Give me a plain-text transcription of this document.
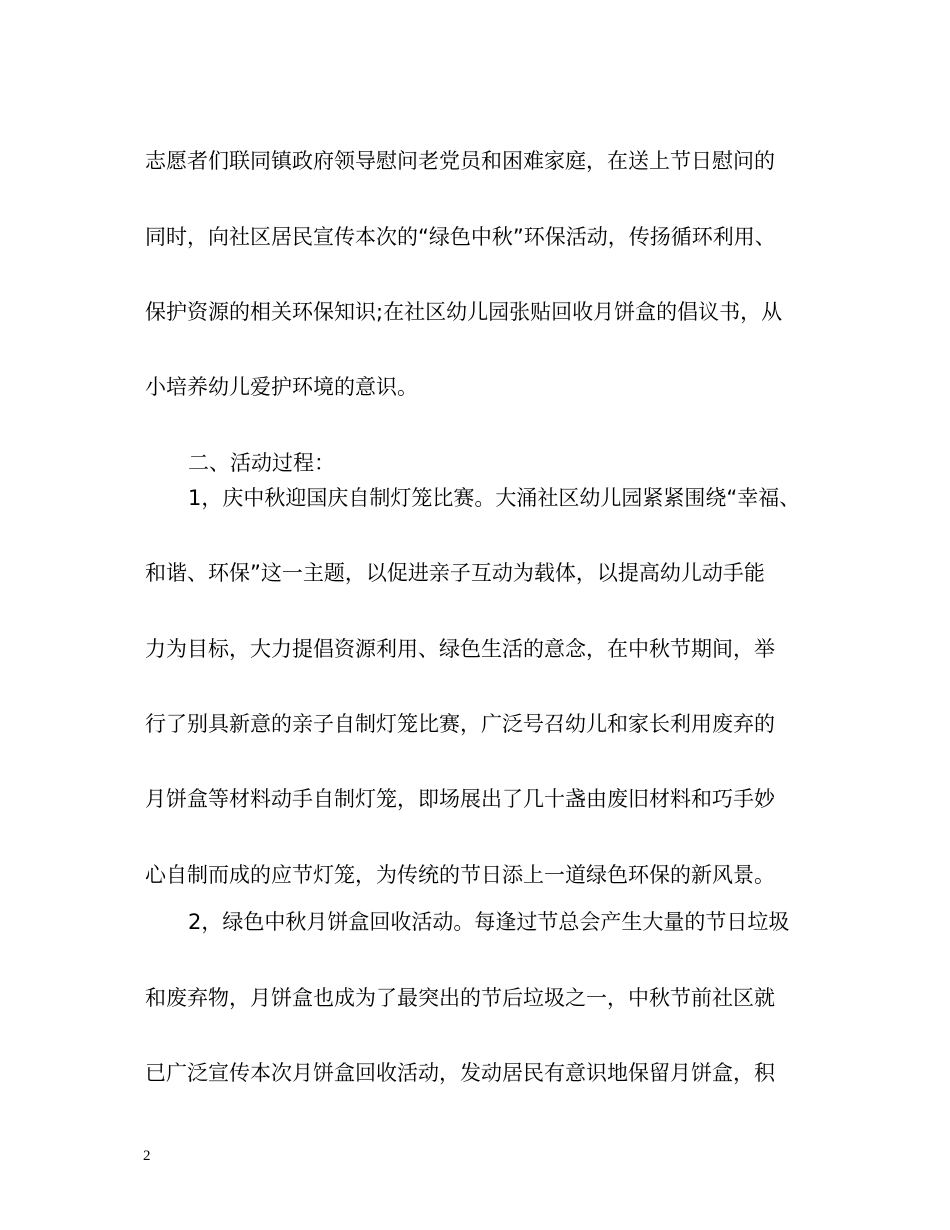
志愿者们联同镇政府领导慰问老党员和困难家庭，在送上节日慰问的

同时，向社区居民宣传本次的“绿色中秋”环保活动，传扬循环利用、

保护资源的相关环保知识;在社区幼儿园张贴回收月饼盒的倡议书，从

小培养幼儿爱护环境的意识。

二、活动过程：

1，庆中秋迎国庆自制灯笼比赛。大涌社区幼儿园紧紧围绕“幸福、

和谐、环保”这一主题，以促进亲子互动为载体，以提高幼儿动手能

力为目标，大力提倡资源利用、绿色生活的意念，在中秋节期间，举

行了别具新意的亲子自制灯笼比赛，广泛号召幼儿和家长利用废弃的

月饼盒等材料动手自制灯笼，即场展出了几十盏由废旧材料和巧手妙

心自制而成的应节灯笼，为传统的节日添上一道绿色环保的新风景。

2，绿色中秋月饼盒回收活动。每逢过节总会产生大量的节日垃圾

和废弃物，月饼盒也成为了最突出的节后垃圾之一，中秋节前社区就

已广泛宣传本次月饼盒回收活动，发动居民有意识地保留月饼盒，积

2
